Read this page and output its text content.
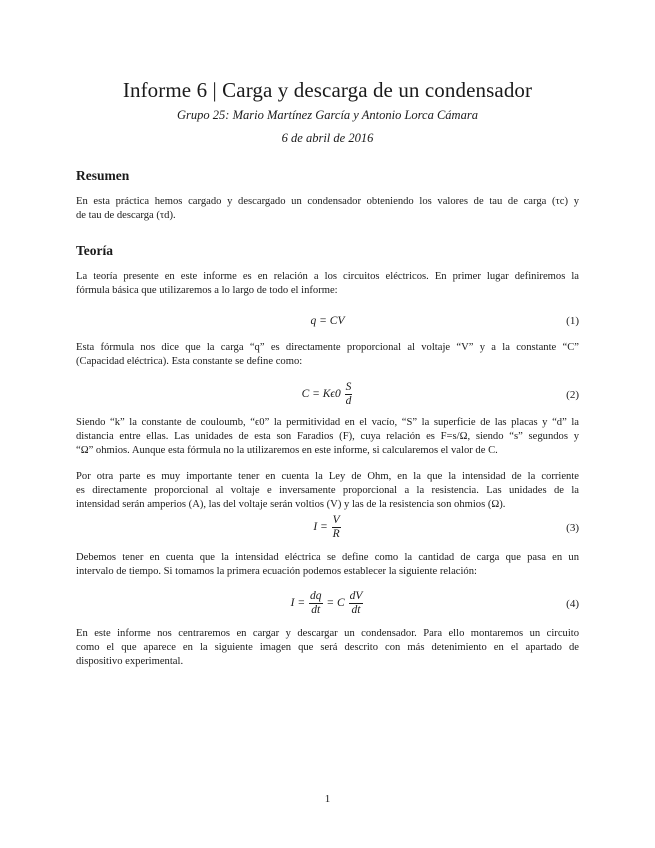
Informe 6 | Carga y descarga de un condensador
Grupo 25: Mario Martínez García y Antonio Lorca Cámara
6 de abril de 2016
Resumen
En esta práctica hemos cargado y descargado un condensador obteniendo los valores de tau de carga (τc) y
de tau de descarga (τd).
Teoría
La teoría presente en este informe es en relación a los circuitos eléctricos. En primer lugar definiremos la
fórmula básica que utilizaremos a lo largo de todo el informe:
q = CV	(1)
Esta fórmula nos dice que la carga “q” es directamente proporcional al voltaje “V” y a la constante “C”
(Capacidad eléctrica). Esta constante se define como:
$C = K\epsilon 0 \frac{S}{d}$	(2)
Siendo “k” la constante de couloumb, “ϵ0” la permitividad en el vacío, “S” la superficie de las placas y “d” la
distancia entre ellas. Las unidades de esta son Faradios (F), cuya relación es F=s/Ω, siendo “s” segundos y
“Ω” ohmios. Aunque esta fórmula no la utilizaremos en este informe, si calcularemos el valor de C.
Por otra parte es muy importante tener en cuenta la Ley de Ohm, en la que la intensidad de la corriente
es directamente proporcional al voltaje e inversamente proporcional a la resistencia. Las unidades de la
intensidad serán amperios (A), las del voltaje serán voltios (V) y las de la resistencia son ohmios (Ω).
$I = \frac{V}{R}$	(3)
Debemos tener en cuenta que la intensidad eléctrica se define como la cantidad de carga que pasa en un
intervalo de tiempo. Si tomamos la primera ecuación podemos establecer la siguiente relación:
$I = \frac{dq}{dt} = C \frac{dV}{dt}$	(4)
En este informe nos centraremos en cargar y descargar un condensador. Para ello montaremos un circuito
como el que aparece en la siguiente imagen que será descrito con más detenimiento en el apartado de
dispositivo experimental.
1
